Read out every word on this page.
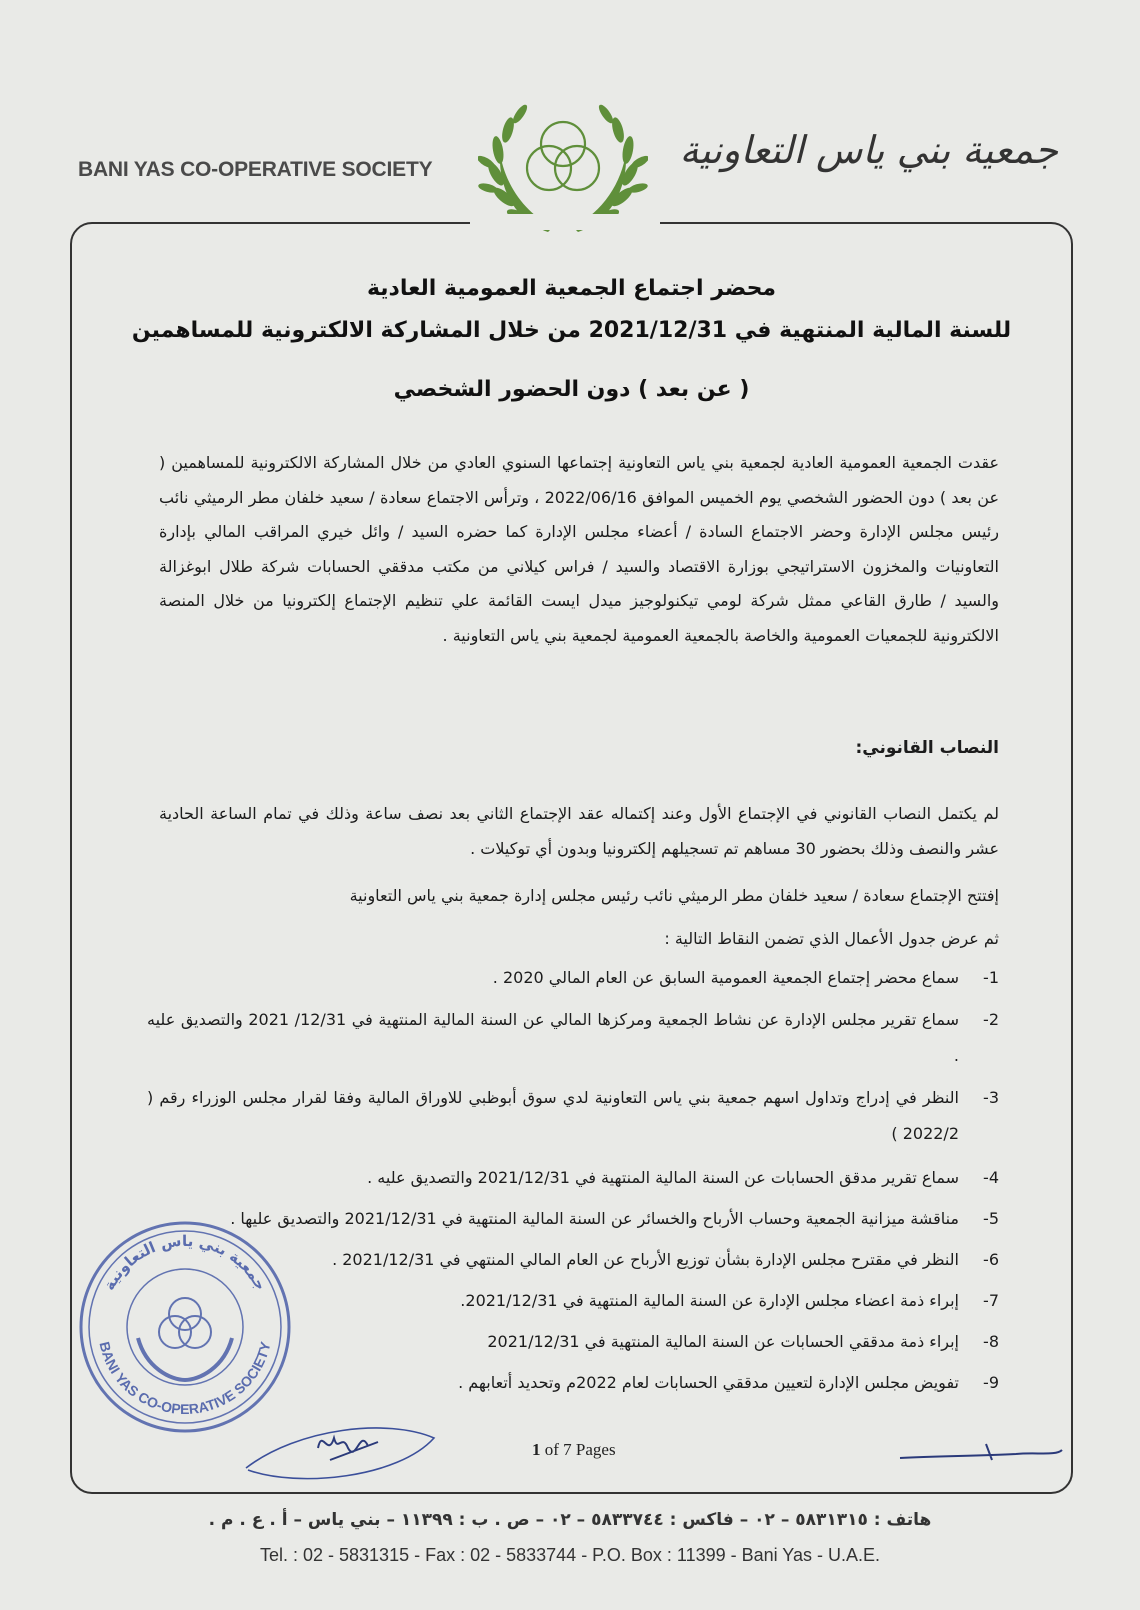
BANI YAS CO-OPERATIVE SOCIETY	جمعية بني ياس التعاونية
محضر اجتماع الجمعية العمومية العادية
للسنة المالية المنتهية في 2021/12/31 من خلال المشاركة الالكترونية للمساهمين
( عن بعد ) دون الحضور الشخصي

عقدت الجمعية العمومية العادية لجمعية بني ياس التعاونية إجتماعها السنوي العادي من خلال المشاركة الالكترونية للمساهمين ( عن بعد ) دون الحضور الشخصي يوم الخميس الموافق 2022/06/16 ، وترأس الاجتماع سعادة / سعيد خلفان مطر الرميثي نائب رئيس مجلس الإدارة وحضر الاجتماع السادة / أعضاء مجلس الإدارة كما حضره السيد / وائل خيري المراقب المالي بإدارة التعاونيات والمخزون الاستراتيجي بوزارة الاقتصاد والسيد / فراس كيلاني من مكتب مدققي الحسابات شركة طلال ابوغزالة والسيد / طارق القاعي ممثل شركة لومي تيكنولوجيز ميدل ايست القائمة علي تنظيم الإجتماع إلكترونيا من خلال المنصة الالكترونية للجمعيات العمومية والخاصة بالجمعية العمومية لجمعية بني ياس التعاونية .

النصاب القانوني:

لم يكتمل النصاب القانوني في الإجتماع الأول وعند إكتماله عقد الإجتماع الثاني بعد نصف ساعة وذلك في تمام الساعة الحادية عشر والنصف وذلك بحضور 30 مساهم تم تسجيلهم إلكترونيا وبدون أي توكيلات .

إفتتح الإجتماع سعادة / سعيد خلفان مطر الرميثي نائب رئيس مجلس إدارة جمعية بني ياس التعاونية
ثم عرض جدول الأعمال الذي تضمن النقاط التالية :
1-
سماع محضر إجتماع الجمعية العمومية السابق عن العام المالي 2020 .
2-
سماع تقرير مجلس الإدارة عن نشاط الجمعية ومركزها المالي عن السنة المالية المنتهية في 12/31/ 2021 والتصديق عليه .
3-
النظر في إدراج وتداول اسهم جمعية بني ياس التعاونية لدي سوق أبوظبي للاوراق المالية وفقا لقرار مجلس الوزراء رقم ( 2022/2 )
4-
سماع تقرير مدقق الحسابات عن السنة المالية المنتهية في 2021/12/31 والتصديق عليه .
5-
مناقشة ميزانية الجمعية وحساب الأرباح والخسائر عن السنة المالية المنتهية في 2021/12/31 والتصديق عليها .
6-
النظر في مقترح مجلس الإدارة بشأن توزيع الأرباح عن العام المالي المنتهي في 2021/12/31 .
7-
إبراء ذمة اعضاء مجلس الإدارة عن السنة المالية المنتهية في 2021/12/31.
8-
إبراء ذمة مدققي الحسابات عن السنة المالية المنتهية في 2021/12/31
9-
تفويض مجلس الإدارة لتعيين مدققي الحسابات لعام 2022م وتحديد أتعابهم .
جمعية بني ياس التعاونية
BANI YAS CO-OPERATIVE SOCIETY
1 of 7 Pages
هاتف : ٥٨٣١٣١٥ – ٠٢ – فاكس : ٥٨٣٣٧٤٤ – ٠٢ – ص . ب : ١١٣٩٩ – بني ياس – أ . ع . م .
Tel. : 02 - 5831315 - Fax : 02 - 5833744 - P.O. Box : 11399 - Bani Yas - U.A.E.
